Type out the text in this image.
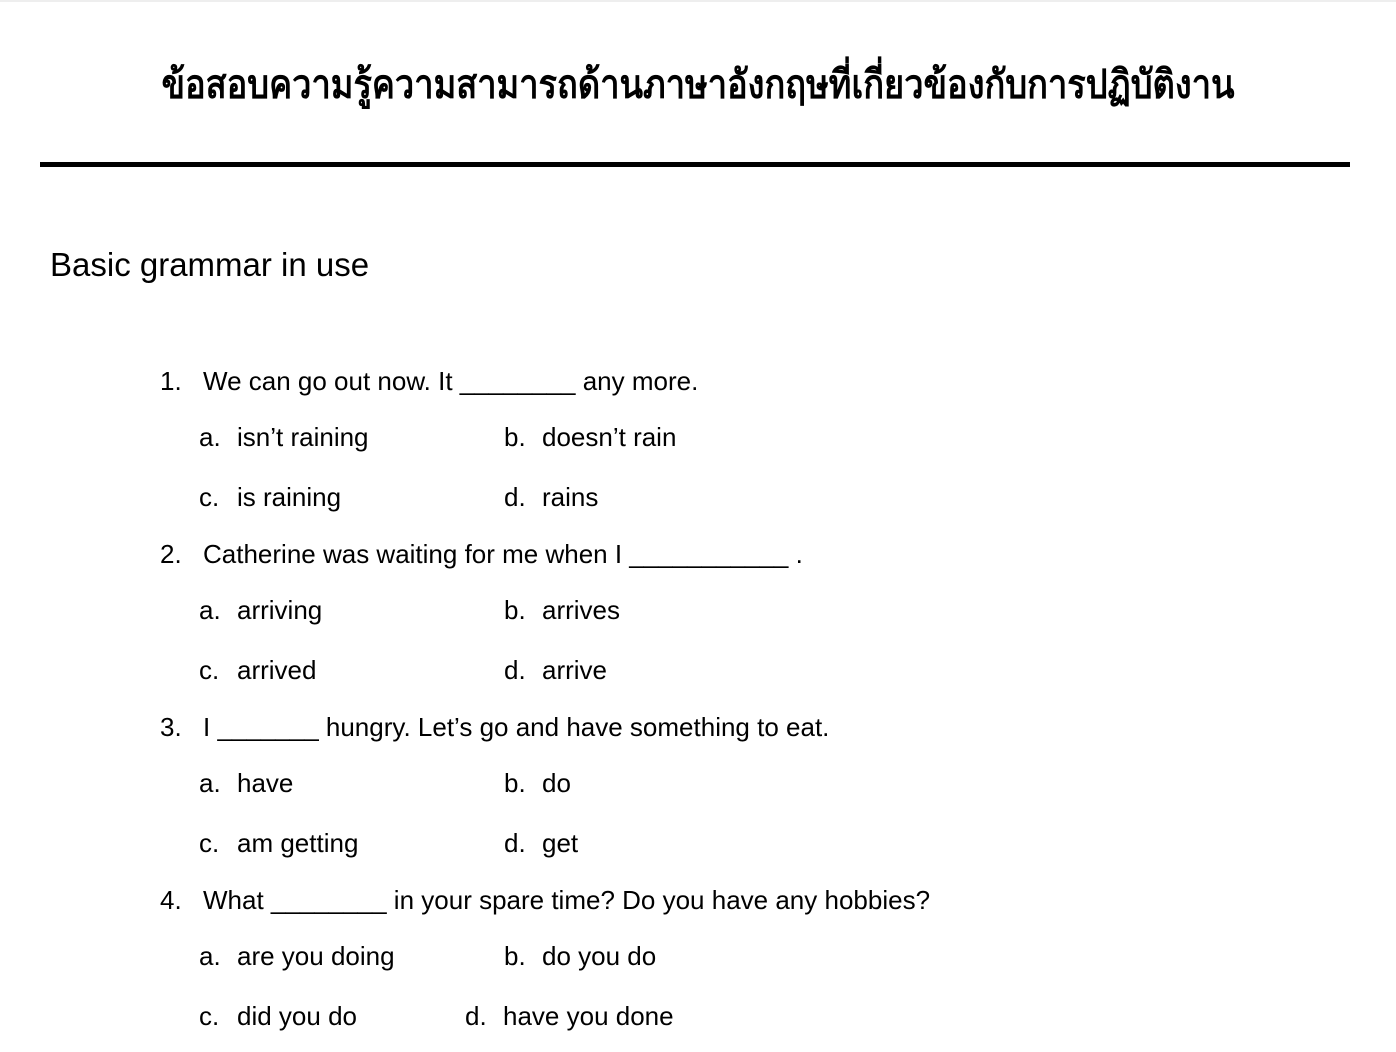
ข้อสอบความรู้ความสามารถด้านภาษาอังกฤษที่เกี่ยวข้องกับการปฏิบัติงาน
Basic grammar in use
1. We can go out now. It ________ any more.
a. isn’t raining	b. doesn’t rain
c. is raining	d. rains
2. Catherine was waiting for me when I ___________ .
a. arriving	b. arrives
c. arrived	d. arrive
3. I _______ hungry. Let’s go and have something to eat.
a. have	b. do
c. am getting	d. get
4. What ________ in your spare time? Do you have any hobbies?
a. are you doing	b. do you do
c. did you do	d. have you done
